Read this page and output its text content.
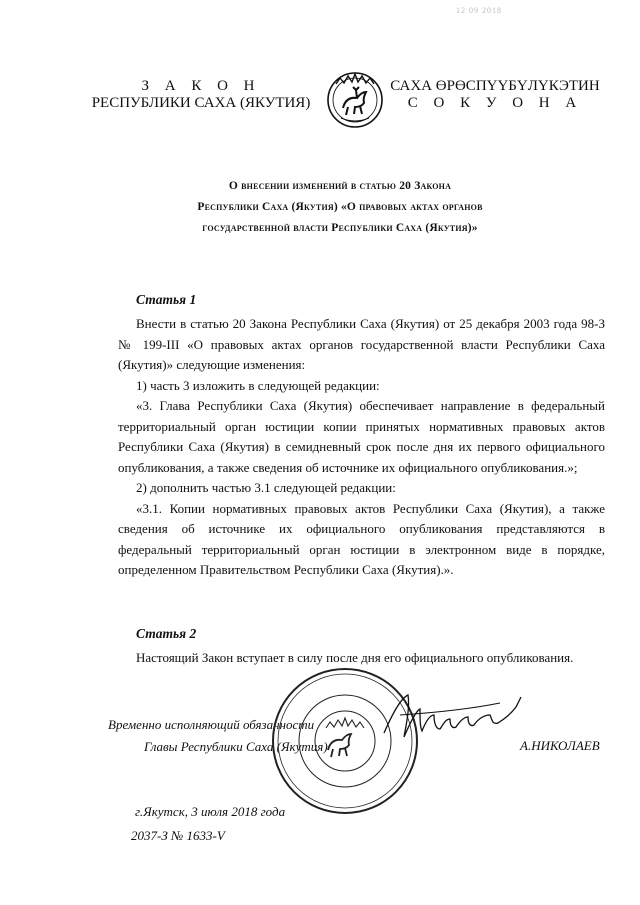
12 09 2018
З А К О Н
РЕСПУБЛИКИ САХА (ЯКУТИЯ)
САХА ӨРӨСПҮҮБҮЛҮКЭТИН
С О К У О Н А
О внесении изменений в статью 20 Закона
Республики Саха (Якутия) «О правовых актах органов
государственной власти Республики Саха (Якутия)»
Статья 1

Внести в статью 20 Закона Республики Саха (Якутия) от 25 декабря 2003 года 98-З № 199-III «О правовых актах органов государственной власти Республики Саха (Якутия)» следующие изменения:

1) часть 3 изложить в следующей редакции:

«3. Глава Республики Саха (Якутия) обеспечивает направление в федеральный территориальный орган юстиции копии принятых нормативных правовых актов Республики Саха (Якутия) в семидневный срок после дня их первого официального опубликования, а также сведения об источнике их официального опубликования.»;

2) дополнить частью 3.1 следующей редакции:

«3.1. Копии нормативных правовых актов Республики Саха (Якутия), а также сведения об источнике их официального опубликования представляются в федеральный территориальный орган юстиции в электронном виде в порядке, определенном Правительством Республики Саха (Якутия).».

Статья 2

Настоящий Закон вступает в силу после дня его официального опубликования.

Временно исполняющий обязанности
Главы Республики Саха (Якутия)	А.НИКОЛАЕВ
г.Якутск, 3 июля 2018 года
2037-З № 1633-V
